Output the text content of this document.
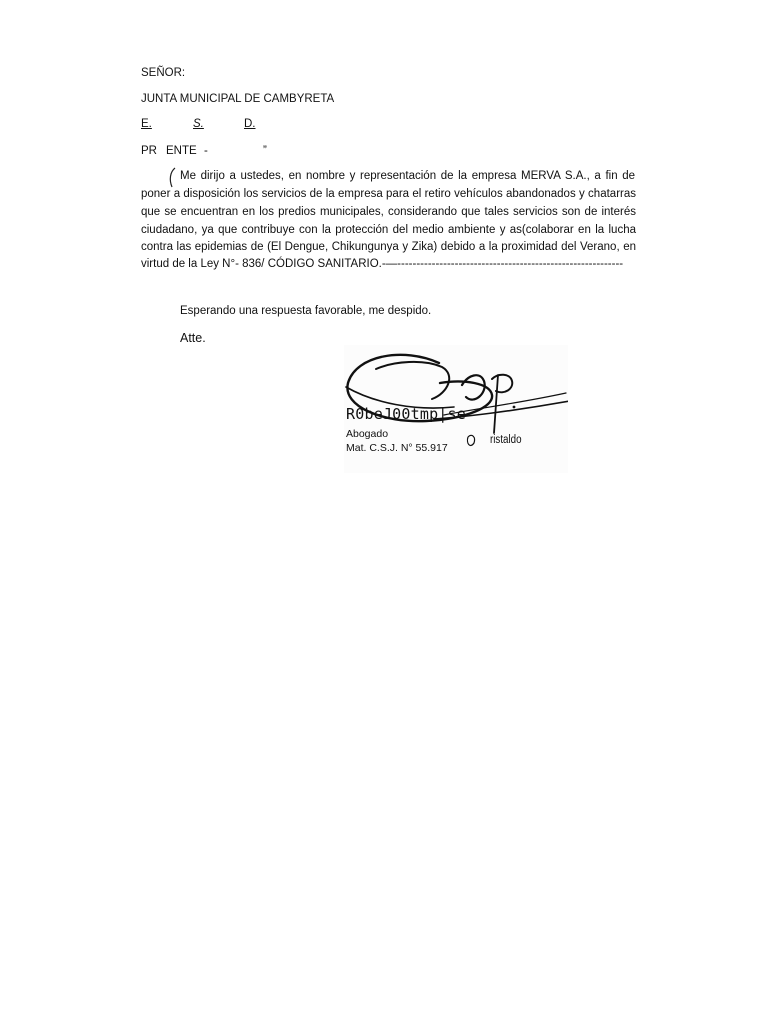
SEÑOR:
JUNTA MUNICIPAL DE CAMBYRETA
E.	S.	D.
PR ENTE -	”
Me dirijo a ustedes, en nombre y representación de la empresa MERVA S.A., a fin de
poner a disposición los servicios de la empresa para el retiro vehículos abandonados y chatarras
que se encuentran en los predios municipales, considerando que tales servicios son de interés
ciudadano, ya que contribuye con la protección del medio ambiente y as(colaborar en la lucha
contra las epidemias de (El Dengue, Chikungunya y Zika) debido a la proximidad del Verano, en
virtud de la Ley N°- 836/ CÓDIGO SANITARIO.-—-----------------------------------------------------------
Esperando una respuesta favorable, me despido.
Atte.
R0beJ00tmp|se
Abogado
Mat. C.S.J. N° 55.917
ristaldo
